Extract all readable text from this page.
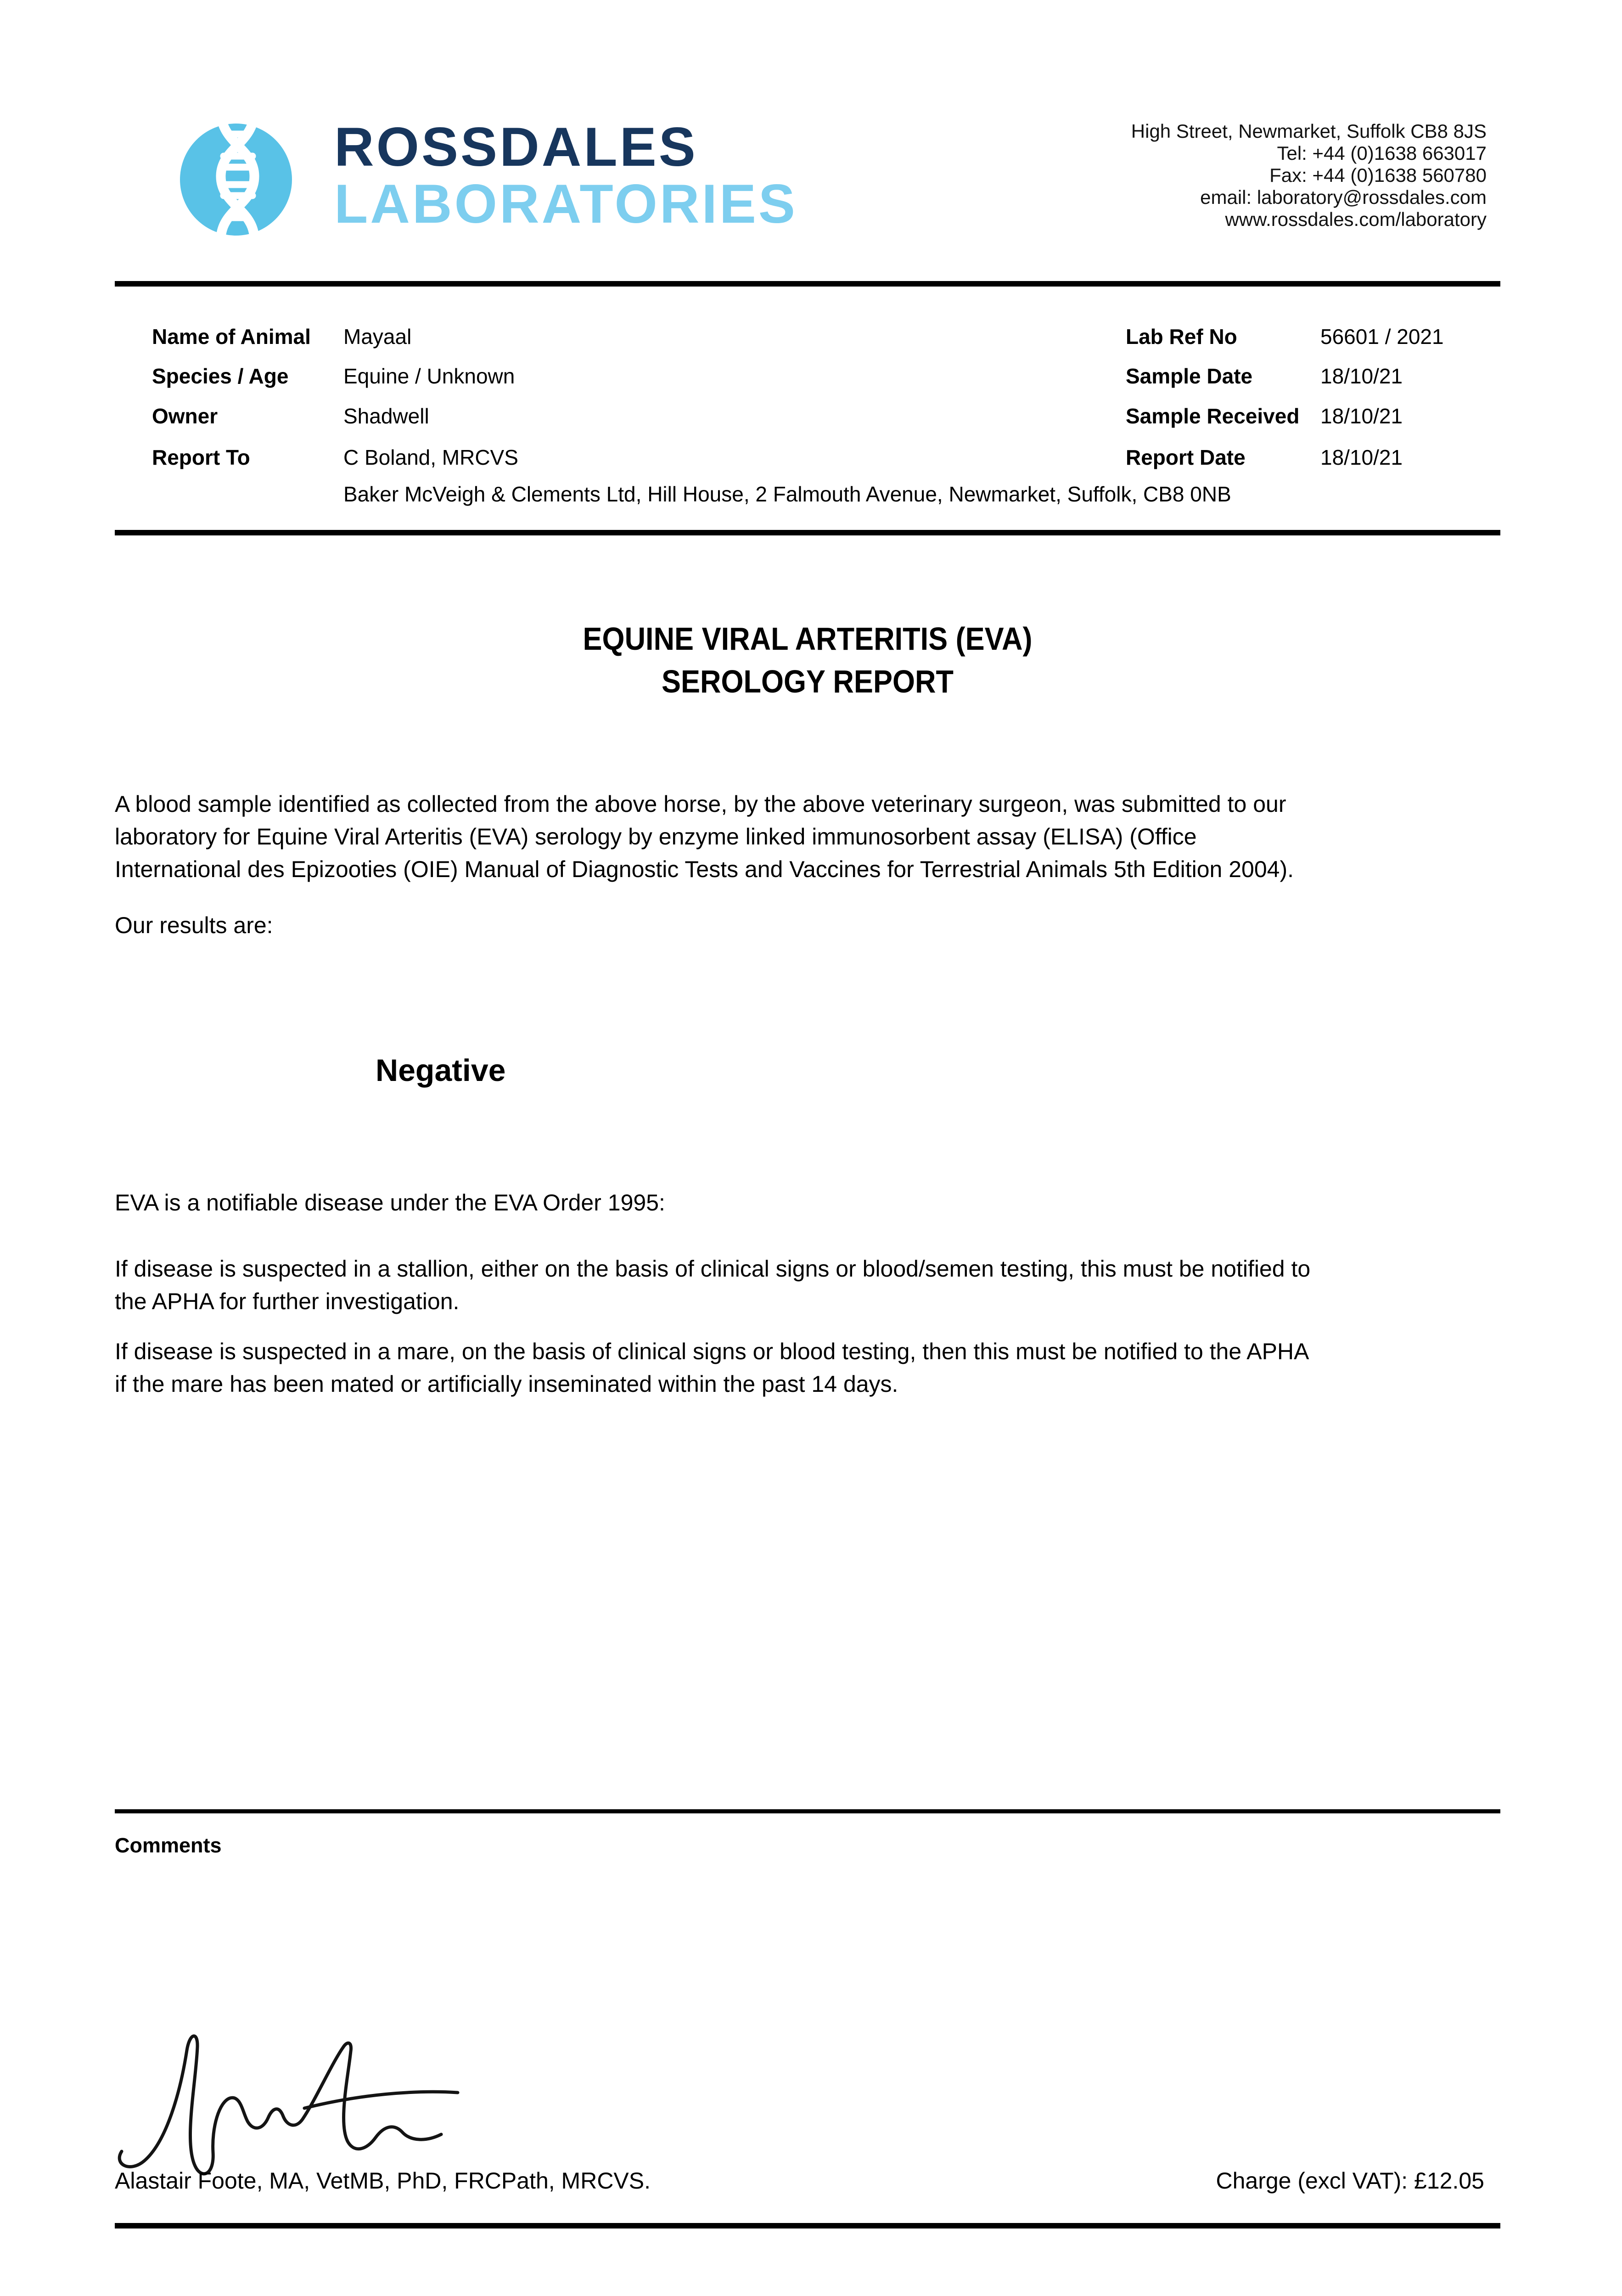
ROSSDALES
LABORATORIES
High Street, Newmarket, Suffolk CB8 8JS
Tel: +44 (0)1638 663017
Fax: +44 (0)1638 560780
email: laboratory@rossdales.com
www.rossdales.com/laboratory
Name of Animal Mayaal
Species / Age	Equine / Unknown
Owner	Shadwell
Report To	C Boland, MRCVS
Baker McVeigh & Clements Ltd, Hill House, 2 Falmouth Avenue, Newmarket, Suffolk, CB8 0NB
Lab Ref No	56601 / 2021
Sample Date	18/10/21
Sample Received 18/10/21
Report Date	18/10/21
EQUINE VIRAL ARTERITIS (EVA)
SEROLOGY REPORT
A blood sample identified as collected from the above horse, by the above veterinary surgeon, was submitted to our
laboratory for Equine Viral Arteritis (EVA) serology by enzyme linked immunosorbent assay (ELISA) (Office
International des Epizooties (OIE) Manual of Diagnostic Tests and Vaccines for Terrestrial Animals 5th Edition 2004).
Our results are:
Negative
EVA is a notifiable disease under the EVA Order 1995:
If disease is suspected in a stallion, either on the basis of clinical signs or blood/semen testing, this must be notified to
the APHA for further investigation.
If disease is suspected in a mare, on the basis of clinical signs or blood testing, then this must be notified to the APHA
if the mare has been mated or artificially inseminated within the past 14 days.
Comments
Alastair Foote, MA, VetMB, PhD, FRCPath, MRCVS.	Charge (excl VAT): £12.05
